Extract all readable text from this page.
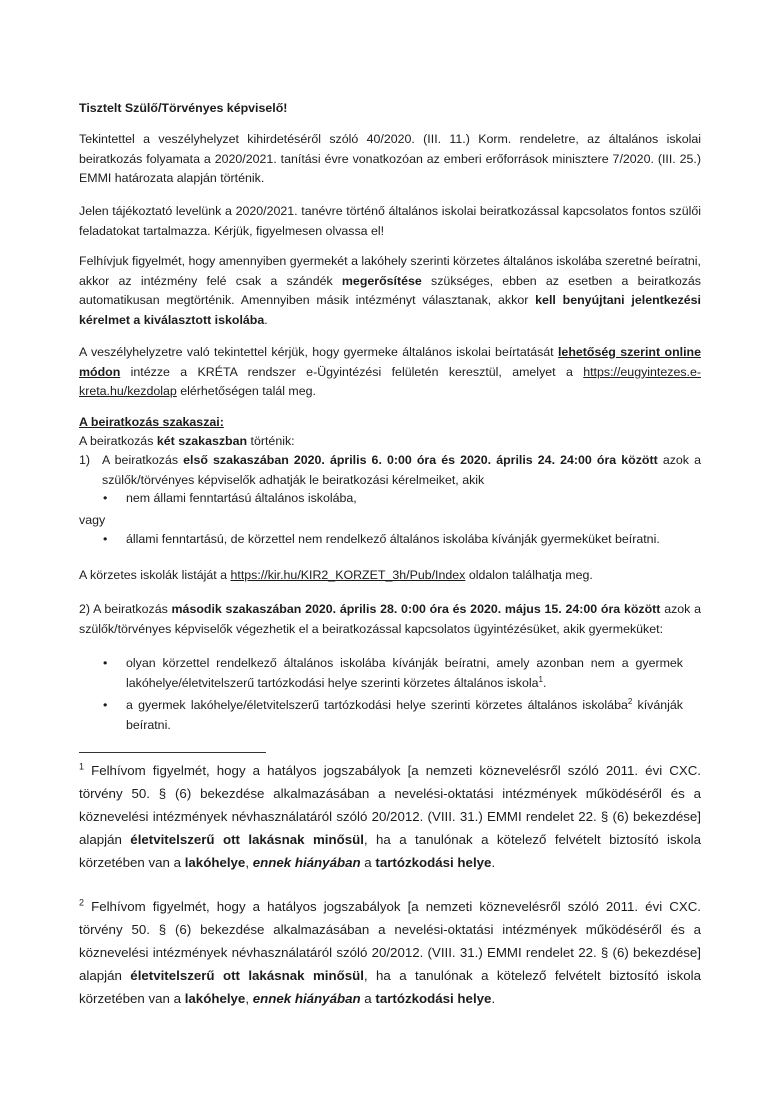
Tisztelt Szülő/Törvényes képviselő!

Tekintettel a veszélyhelyzet kihirdetéséről szóló 40/2020. (III. 11.) Korm. rendeletre, az általános iskolai beiratkozás folyamata a 2020/2021. tanítási évre vonatkozóan az emberi erőforrások minisztere 7/2020. (III. 25.) EMMI határozata alapján történik.

Jelen tájékoztató levelünk a 2020/2021. tanévre történő általános iskolai beiratkozással kapcsolatos fontos szülői feladatokat tartalmazza. Kérjük, figyelmesen olvassa el!

Felhívjuk figyelmét, hogy amennyiben gyermekét a lakóhely szerinti körzetes általános iskolába szeretné beíratni, akkor az intézmény felé csak a szándék megerősítése szükséges, ebben az esetben a beiratkozás automatikusan megtörténik. Amennyiben másik intézményt választanak, akkor kell benyújtani jelentkezési kérelmet a kiválasztott iskolába.

A veszélyhelyzetre való tekintettel kérjük, hogy gyermeke általános iskolai beírtatását lehetőség szerint online módon intézze a KRÉTA rendszer e-Ügyintézési felületén keresztül, amelyet a https://eugyintezes.e-kreta.hu/kezdolap elérhetőségen talál meg.

A beiratkozás szakaszai:

A beiratkozás két szakaszban történik:

1) A beiratkozás első szakaszában 2020. április 6. 0:00 óra és 2020. április 24. 24:00 óra között azok a szülők/törvényes képviselők adhatják le beiratkozási kérelmeiket, akik

• nem állami fenntartású általános iskolába,

vagy

• állami fenntartású, de körzettel nem rendelkező általános iskolába kívánják gyermeküket beíratni.

A körzetes iskolák listáját a https://kir.hu/KIR2_KORZET_3h/Pub/Index oldalon találhatja meg.

2) A beiratkozás második szakaszában 2020. április 28. 0:00 óra és 2020. május 15. 24:00 óra között azok a szülők/törvényes képviselők végezhetik el a beiratkozással kapcsolatos ügyintézésüket, akik gyermeküket:

• olyan körzettel rendelkező általános iskolába kívánják beíratni, amely azonban nem a gyermek lakóhelye/életvitelszerű tartózkodási helye szerinti körzetes általános iskola$^1$.
• a gyermek lakóhelye/életvitelszerű tartózkodási helye szerinti körzetes általános iskolába$^2$ kívánják beíratni.

$^1$ Felhívom figyelmét, hogy a hatályos jogszabályok [a nemzeti köznevelésről szóló 2011. évi CXC. törvény 50. § (6) bekezdése alkalmazásában a nevelési-oktatási intézmények működéséről és a köznevelési intézmények névhasználatáról szóló 20/2012. (VIII. 31.) EMMI rendelet 22. § (6) bekezdése] alapján életvitelszerű ott lakásnak minősül, ha a tanulónak a kötelező felvételt biztosító iskola körzetében van a lakóhelye, ennek hiányában a tartózkodási helye.

$^2$ Felhívom figyelmét, hogy a hatályos jogszabályok [a nemzeti köznevelésről szóló 2011. évi CXC. törvény 50. § (6) bekezdése alkalmazásában a nevelési-oktatási intézmények működéséről és a köznevelési intézmények névhasználatáról szóló 20/2012. (VIII. 31.) EMMI rendelet 22. § (6) bekezdése] alapján életvitelszerű ott lakásnak minősül, ha a tanulónak a kötelező felvételt biztosító iskola körzetében van a lakóhelye, ennek hiányában a tartózkodási helye.
